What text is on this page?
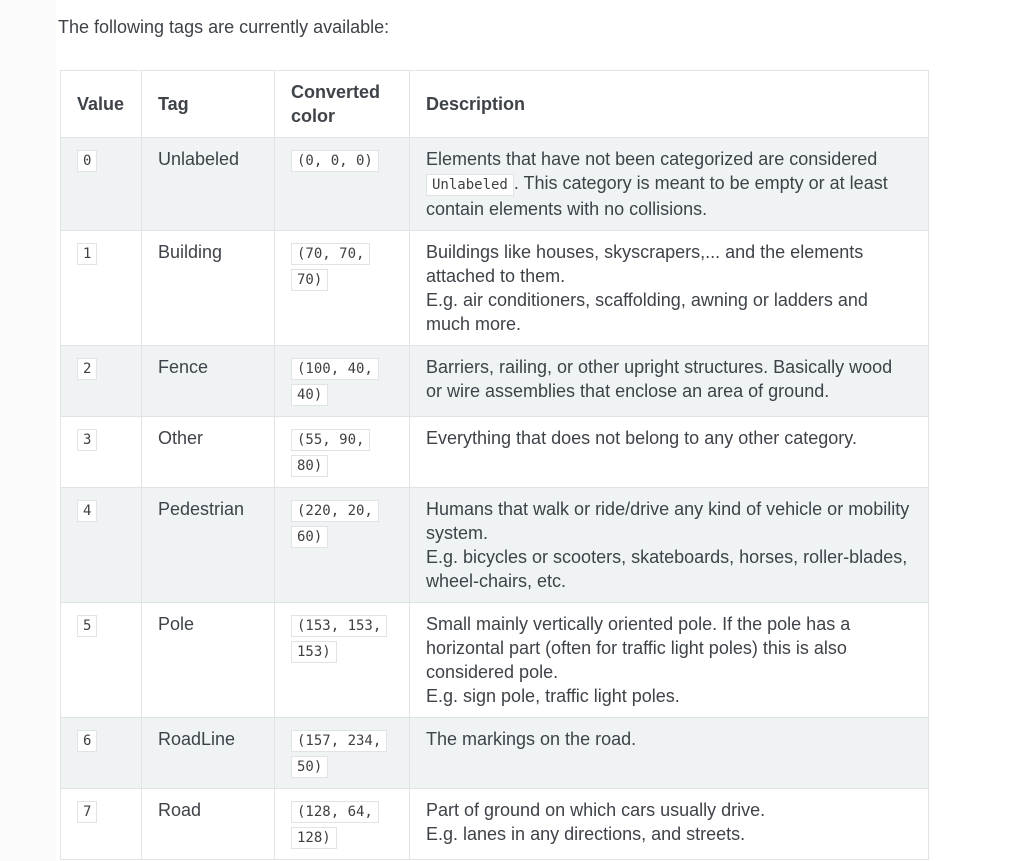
The following tags are currently available:

Value	Tag	Converted color	Description
0	Unlabeled	(0, 0, 0)	Elements that have not been categorized are considered Unlabeled . This category is meant to be empty or at least contain elements with no collisions.
1	Building	(70, 70, 70)	Buildings like houses, skyscrapers,... and the elements attached to them.
E.g. air conditioners, scaffolding, awning or ladders and much more.

2	Fence	(100, 40, 40)	Barriers, railing, or other upright structures. Basically wood or wire assemblies that enclose an area of ground.

3	Other	(55, 90, 80)	Everything that does not belong to any other category.

4	Pedestrian	(220, 20, 60)	Humans that walk or ride/drive any kind of vehicle or mobility system.
E.g. bicycles or scooters, skateboards, horses, roller-blades, wheel-chairs, etc.

5	Pole	(153, 153, 153)	Small mainly vertically oriented pole. If the pole has a horizontal part (often for traffic light poles) this is also considered pole.
E.g. sign pole, traffic light poles.

6	RoadLine	(157, 234, 50)	The markings on the road.

7	Road	(128, 64, 128)	Part of ground on which cars usually drive.
E.g. lanes in any directions, and streets.
